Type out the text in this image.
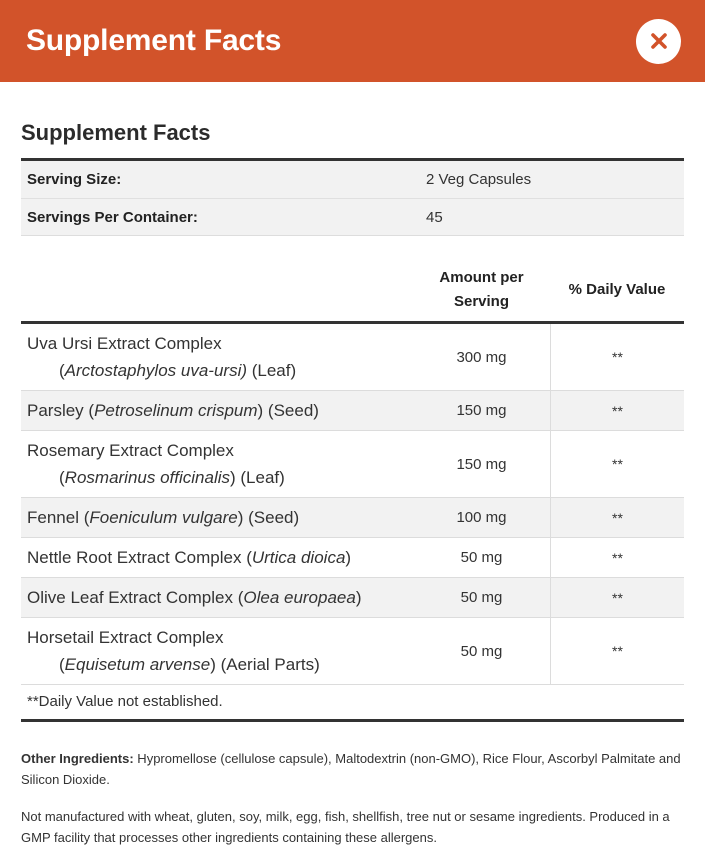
Supplement Facts
Supplement Facts
Serving Size:	2 Veg Capsules
Servings Per Container:	45
Amount per
Serving
% Daily Value
Uva Ursi Extract Complex
(Arctostaphylos uva-ursi) (Leaf)
300 mg	**
Parsley (Petroselinum crispum) (Seed)	150 mg	**
Rosemary Extract Complex
(Rosmarinus officinalis) (Leaf)
150 mg	**
Fennel (Foeniculum vulgare) (Seed)	100 mg	**
Nettle Root Extract Complex (Urtica dioica)	50 mg	**
Olive Leaf Extract Complex (Olea europaea)	50 mg	**
Horsetail Extract Complex
(Equisetum arvense) (Aerial Parts)
50 mg	**
**Daily Value not established.
Other Ingredients: Hypromellose (cellulose capsule), Maltodextrin (non-GMO), Rice Flour, Ascorbyl Palmitate and Silicon Dioxide.
Not manufactured with wheat, gluten, soy, milk, egg, fish, shellfish, tree nut or sesame ingredients. Produced in a GMP facility that processes other ingredients containing these allergens.
